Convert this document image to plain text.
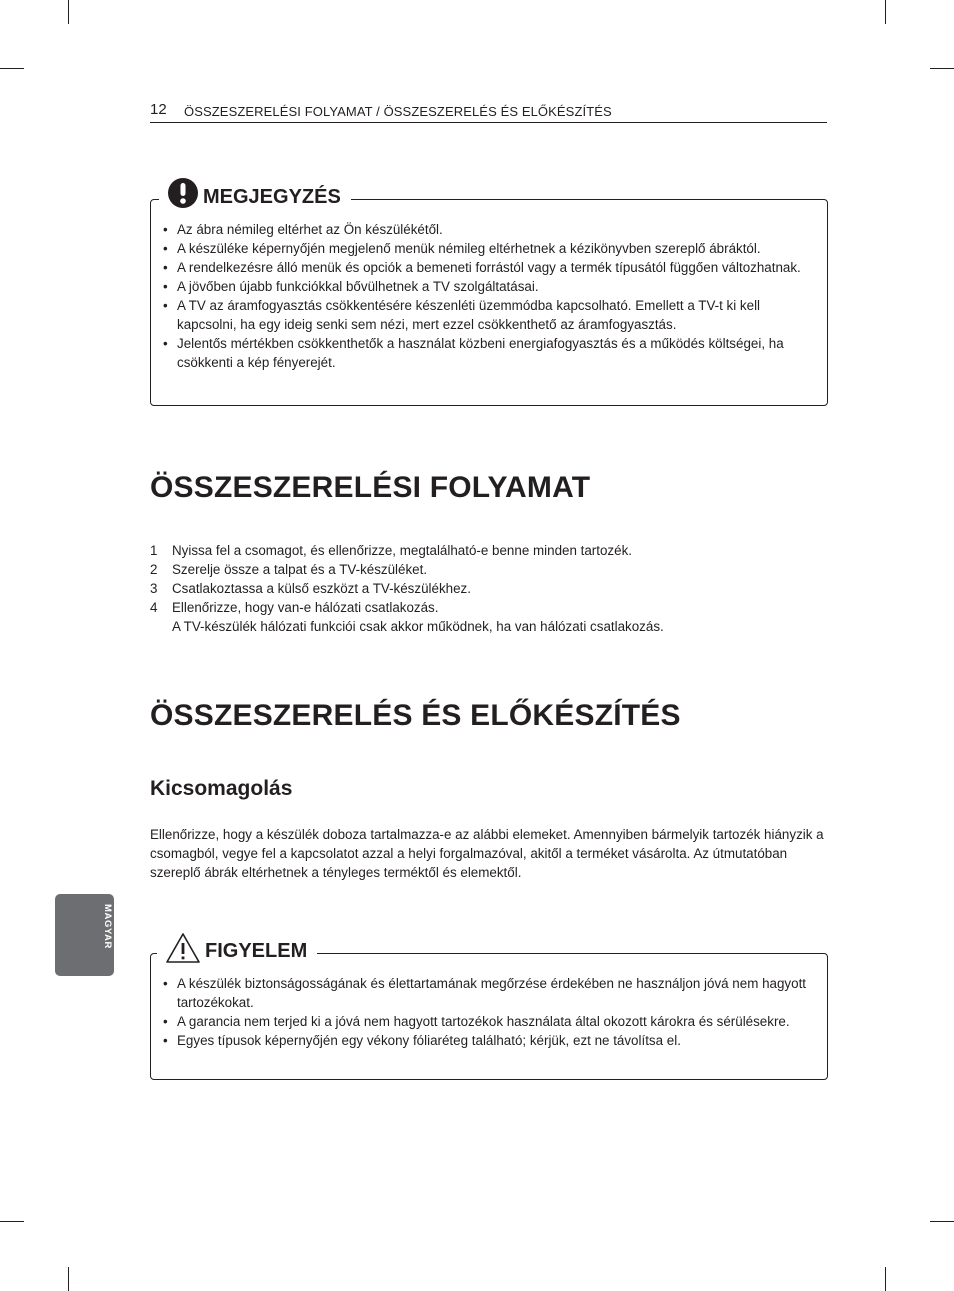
12 ÖSSZESZERELÉSI FOLYAMAT / ÖSSZESZERELÉS ÉS ELŐKÉSZÍTÉS
MEGJEGYZÉS
• Az ábra némileg eltérhet az Ön készülékétől.
• A készüléke képernyőjén megjelenő menük némileg eltérhetnek a kézikönyvben szereplő ábráktól.
• A rendelkezésre álló menük és opciók a bemeneti forrástól vagy a termék típusától függően változhatnak.
• A jövőben újabb funkciókkal bővülhetnek a TV szolgáltatásai.
• A TV az áramfogyasztás csökkentésére készenléti üzemmódba kapcsolható. Emellett a TV-t ki kell kapcsolni, ha egy ideig senki sem nézi, mert ezzel csökkenthető az áramfogyasztás.
• Jelentős mértékben csökkenthetők a használat közbeni energiafogyasztás és a működés költségei, ha csökkenti a kép fényerejét.
ÖSSZESZERELÉSI FOLYAMAT
1 Nyissa fel a csomagot, és ellenőrizze, megtalálható-e benne minden tartozék.
2 Szerelje össze a talpat és a TV-készüléket.
3 Csatlakoztassa a külső eszközt a TV-készülékhez.
4 Ellenőrizze, hogy van-e hálózati csatlakozás.
A TV-készülék hálózati funkciói csak akkor működnek, ha van hálózati csatlakozás.
ÖSSZESZERELÉS ÉS ELŐKÉSZÍTÉS
Kicsomagolás
Ellenőrizze, hogy a készülék doboza tartalmazza-e az alábbi elemeket. Amennyiben bármelyik tartozék hiányzik a csomagból, vegye fel a kapcsolatot azzal a helyi forgalmazóval, akitől a terméket vásárolta. Az útmutatóban szereplő ábrák eltérhetnek a tényleges terméktől és elemektől.
MAGYAR
FIGYELEM
• A készülék biztonságosságának és élettartamának megőrzése érdekében ne használjon jóvá nem hagyott tartozékokat.
• A garancia nem terjed ki a jóvá nem hagyott tartozékok használata által okozott károkra és sérülésekre.
• Egyes típusok képernyőjén egy vékony fóliaréteg található; kérjük, ezt ne távolítsa el.
